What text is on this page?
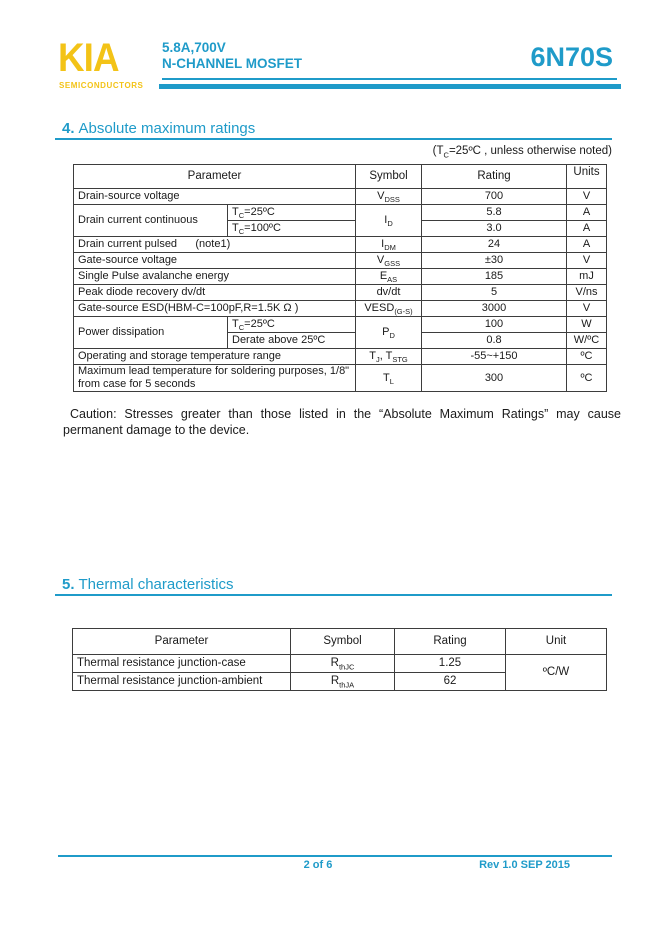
KIA
SEMICONDUCTORS
5.8A,700V
N-CHANNEL MOSFET	6N70S
4. Absolute maximum ratings
($T_C=25ºC$ , unless otherwise noted)
Parameter		Symbol	Rating	Units
Drain-source voltage		$V_{DSS}$	700	V
Drain current continuous	$T_C=25ºC$	$I_D$	5.8	A
	$T_C=100ºC$		3.0	A
Drain current pulsed      (note1)		$I_{DM}$	24	A
Gate-source voltage		$V_{GSS}$	±30	V
Single Pulse avalanche energy		$E_{AS}$	185	mJ
Peak diode recovery dv/dt		dv/dt	5	V/ns
Gate-source ESD(HBM-C=100pF,R=1.5K Ω )		$VESD_{(G-S)}$	3000	V
Power dissipation	$T_C=25ºC$	$P_D$	100	W
	Derate above 25ºC		0.8	W/ºC
Operating and storage temperature range		$T_J$, $T_{STG}$	-55~+150	ºC
Maximum lead temperature for soldering purposes, 1/8" from case for 5 seconds		$T_L$	300	ºC

Caution: Stresses greater than those listed in the “Absolute Maximum Ratings” may cause permanent damage to the device.

5. Thermal characteristics
Parameter	Symbol	Rating	Unit
Thermal resistance junction-case	$R_{thJC}$	1.25	ºC/W
Thermal resistance junction-ambient	$R_{thJA}$	62	
2 of 6	Rev 1.0 SEP 2015
